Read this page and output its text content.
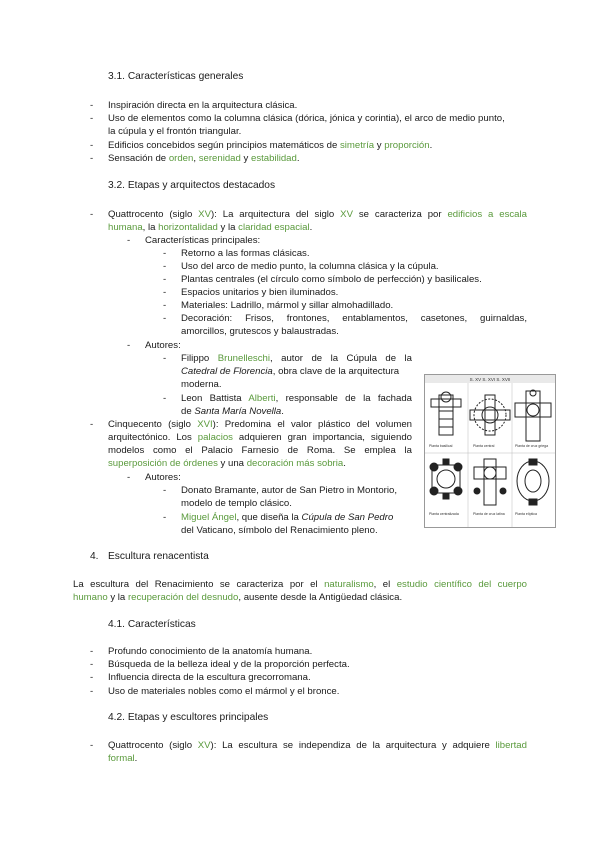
3.1. Características generales
- Inspiración directa en la arquitectura clásica.
- Uso de elementos como la columna clásica (dórica, jónica y corintia), el arco de medio punto,
la cúpula y el frontón triangular.
- Edificios concebidos según principios matemáticos de simetría y proporción.
- Sensación de orden, serenidad y estabilidad.
3.2. Etapas y arquitectos destacados
- Quattrocento (siglo XV): La arquitectura del siglo XV se caracteriza por edificios a escala
humana, la horizontalidad y la claridad espacial.
- Características principales:
- Retorno a las formas clásicas.
- Uso del arco de medio punto, la columna clásica y la cúpula.
- Plantas centrales (el círculo como símbolo de perfección) y basilicales.
- Espacios unitarios y bien iluminados.
- Materiales: Ladrillo, mármol y sillar almohadillado.
- Decoración: Frisos, frontones, entablamentos, casetones, guirnaldas,
amorcillos, grutescos y balaustradas.
- Autores:
- Filippo Brunelleschi, autor de la Cúpula de la
Catedral de Florencia, obra clave de la arquitectura
moderna.
- Leon Battista Alberti, responsable de la fachada
de Santa María Novella.
- Cinquecento (siglo XVI): Predomina el valor plástico del volumen
arquitectónico. Los palacios adquieren gran importancia, siguiendo
modelos como el Palacio Farnesio de Roma. Se emplea la
superposición de órdenes y una decoración más sobria.
- Autores:
- Donato Bramante, autor de San Pietro in Montorio,
modelo de templo clásico.
- Miguel Ángel, que diseña la Cúpula de San Pedro
del Vaticano, símbolo del Renacimiento pleno.
S. XV S. XVI S. XVII
Planta basilical	Planta central	Planta de cruz griega
Planta centralizada	Planta de cruz latina	Planta elíptica
4. Escultura renacentista
La escultura del Renacimiento se caracteriza por el naturalismo, el estudio científico del cuerpo
humano y la recuperación del desnudo, ausente desde la Antigüedad clásica.
4.1. Características
- Profundo conocimiento de la anatomía humana.
- Búsqueda de la belleza ideal y de la proporción perfecta.
- Influencia directa de la escultura grecorromana.
- Uso de materiales nobles como el mármol y el bronce.
4.2. Etapas y escultores principales
- Quattrocento (siglo XV): La escultura se independiza de la arquitectura y adquiere libertad
formal.
